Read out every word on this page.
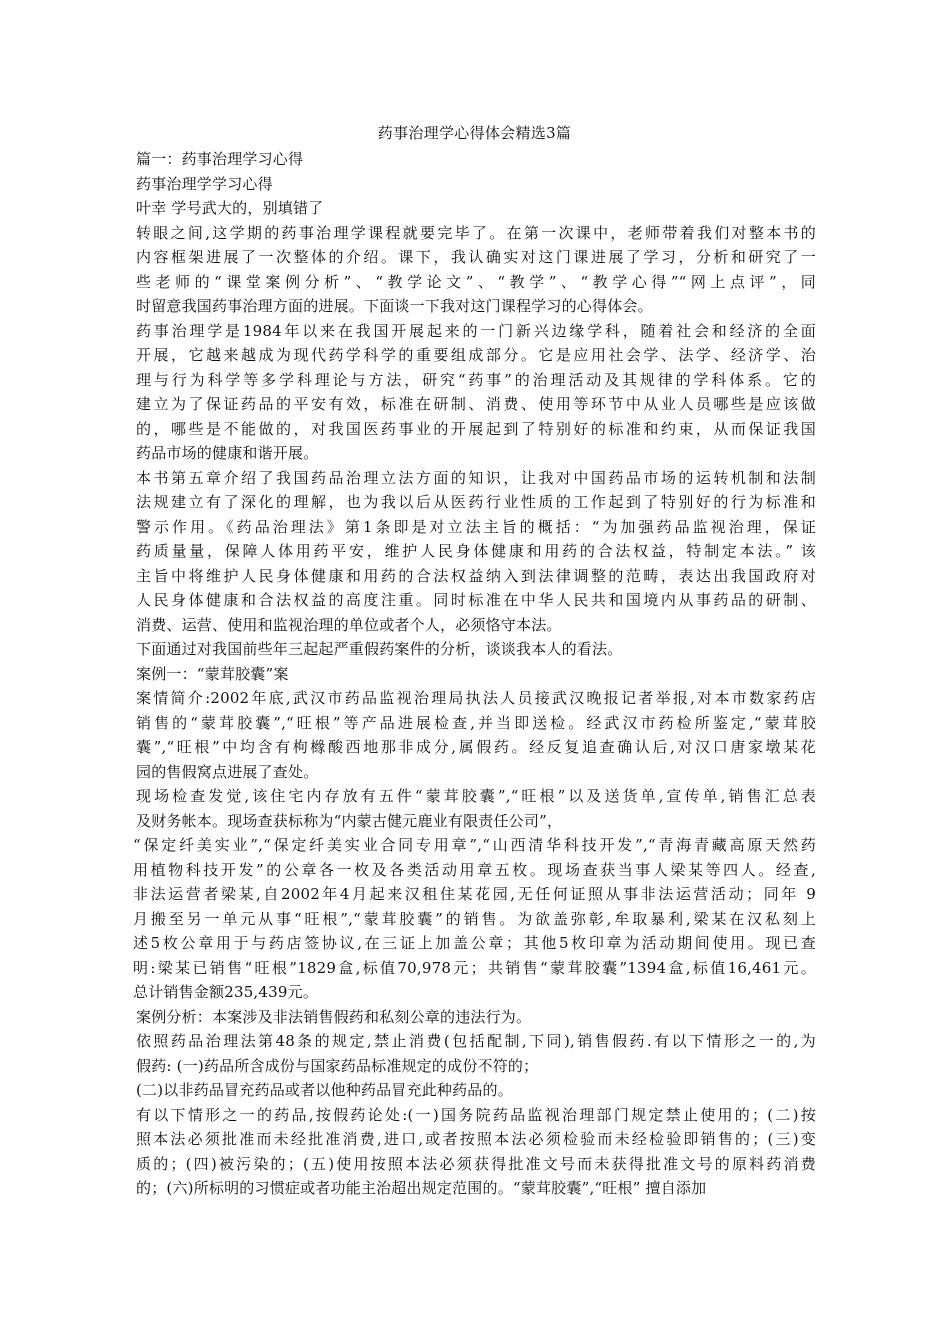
药事治理学心得体会精选3篇
篇一：药事治理学习心得
药事治理学学习心得
叶幸 学号武大的，别填错了
转眼之间,这学期的药事治理学课程就要完毕了。在第一次课中，老师带着我们对整本书的
内容框架进展了一次整体的介绍。课下，我认确实对这门课进展了学习，分析和研究了一
些老师的“课堂案例分析”、“教学论文”、“教学”、“教学心得”“网上点评”，同
时留意我国药事治理方面的进展。下面谈一下我对这门课程学习的心得体会。
药事治理学是1984年以来在我国开展起来的一门新兴边缘学科，随着社会和经济的全面
开展，它越来越成为现代药学科学的重要组成部分。它是应用社会学、法学、经济学、治
理与行为科学等多学科理论与方法，研究“药事”的治理活动及其规律的学科体系。它的
建立为了保证药品的平安有效，标准在研制、消费、使用等环节中从业人员哪些是应该做
的，哪些是不能做的，对我国医药事业的开展起到了特别好的标准和约束，从而保证我国
药品市场的健康和谐开展。
本书第五章介绍了我国药品治理立法方面的知识，让我对中国药品市场的运转机制和法制
法规建立有了深化的理解，也为我以后从医药行业性质的工作起到了特别好的行为标准和
警示作用。《药品治理法》第1条即是对立法主旨的概括：“为加强药品监视治理，保证
药质量量，保障人体用药平安，维护人民身体健康和用药的合法权益，特制定本法。” 该
主旨中将维护人民身体健康和用药的合法权益纳入到法律调整的范畴，表达出我国政府对
人民身体健康和合法权益的高度注重。同时标准在中华人民共和国境内从事药品的研制、
消费、运营、使用和监视治理的单位或者个人，必须恪守本法。
下面通过对我国前些年三起起严重假药案件的分析，谈谈我本人的看法。
案例一：“蒙茸胶囊”案
案情简介:2002年底,武汉市药品监视治理局执法人员接武汉晚报记者举报,对本市数家药店
销售的“蒙茸胶囊”,“旺根”等产品进展检查,并当即送检。经武汉市药检所鉴定,“蒙茸胶
囊”,“旺根”中均含有枸橼酸西地那非成分,属假药。经反复追查确认后,对汉口唐家墩某花
园的售假窝点进展了查处。
现场检查发觉,该住宅内存放有五件“蒙茸胶囊”,“旺根”以及送货单,宣传单,销售汇总表
及财务帐本。现场查获标称为“内蒙古健元鹿业有限责任公司”，
“保定纤美实业”,“保定纤美实业合同专用章”,“山西清华科技开发”,“青海青藏高原天然药
用植物科技开发”的公章各一枚及各类活动用章五枚。现场查获当事人梁某等四人。经查,
非法运营者梁某,自2002年4月起来汉租住某花园,无任何证照从事非法运营活动；同年 9
月搬至另一单元从事“旺根”,“蒙茸胶囊”的销售。为欲盖弥彰,牟取暴利,梁某在汉私刻上
述5枚公章用于与药店签协议,在三证上加盖公章；其他5枚印章为活动期间使用。现已查
明:梁某已销售“旺根”1829盒,标值70,978元；共销售“蒙茸胶囊”1394盒,标值16,461元。
总计销售金额235,439元。
案例分析：本案涉及非法销售假药和私刻公章的违法行为。
依照药品治理法第48条的规定,禁止消费(包括配制,下同),销售假药.有以下情形之一的,为
假药: (一)药品所含成份与国家药品标准规定的成份不符的；
(二)以非药品冒充药品或者以他种药品冒充此种药品的。
有以下情形之一的药品,按假药论处:(一)国务院药品监视治理部门规定禁止使用的；(二)按
照本法必须批准而未经批准消费,进口,或者按照本法必须检验而未经检验即销售的；(三)变
质的；(四)被污染的；(五)使用按照本法必须获得批准文号而未获得批准文号的原料药消费
的；(六)所标明的习惯症或者功能主治超出规定范围的。“蒙茸胶囊”,“旺根” 擅自添加
